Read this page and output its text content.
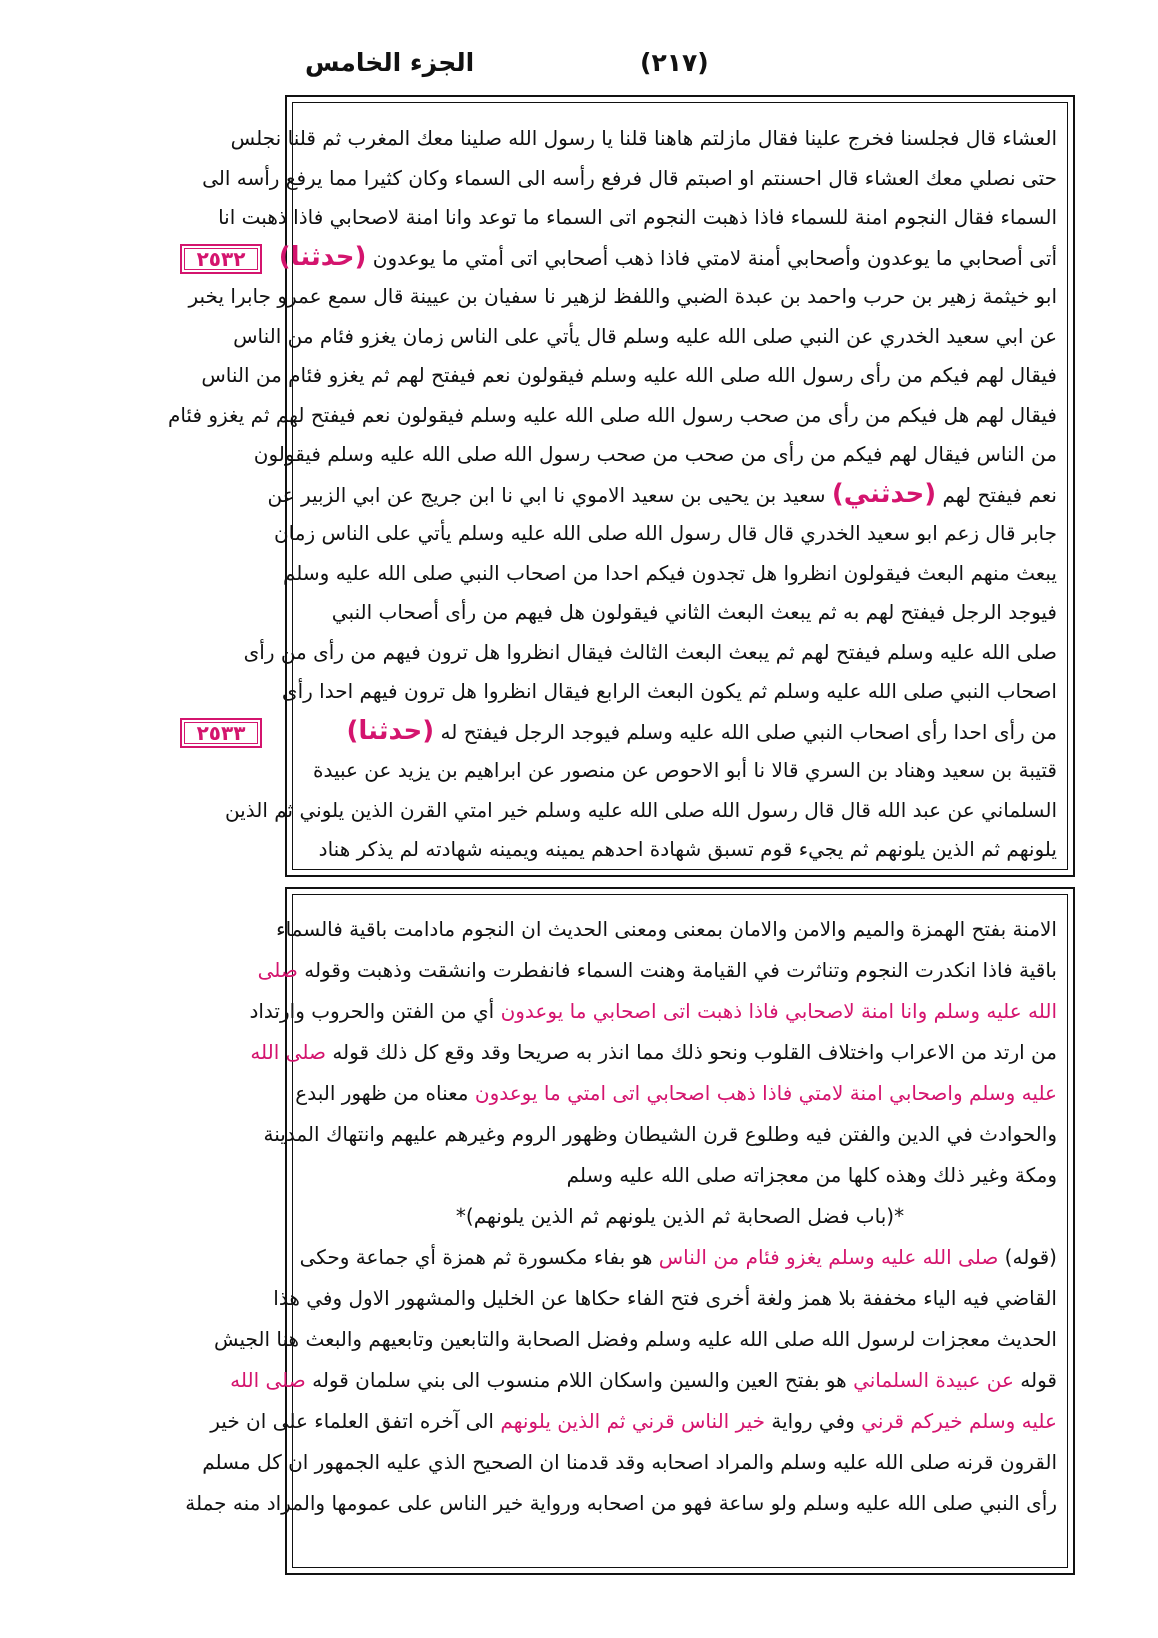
الجزء الخامس	(٢١٧)
٢٥٣٢
٢٥٣٣
العشاء قال فجلسنا فخرج علينا فقال مازلتم هاهنا قلنا يا رسول الله صلينا معك المغرب ثم قلنا نجلس
حتى نصلي معك العشاء قال احسنتم او اصبتم قال فرفع رأسه الى السماء وكان كثيرا مما يرفع رأسه الى
السماء فقال النجوم امنة للسماء فاذا ذهبت النجوم اتى السماء ما توعد وانا امنة لاصحابي فاذا ذهبت انا
أتى أصحابي ما يوعدون وأصحابي أمنة لامتي فاذا ذهب أصحابي اتى أمتي ما يوعدون (حدثنا)
ابو خيثمة زهير بن حرب واحمد بن عبدة الضبي واللفظ لزهير نا سفيان بن عيينة قال سمع عمرو جابرا يخبر
عن ابي سعيد الخدري عن النبي صلى الله عليه وسلم قال يأتي على الناس زمان يغزو فئام من الناس
فيقال لهم فيكم من رأى رسول الله صلى الله عليه وسلم فيقولون نعم فيفتح لهم ثم يغزو فئام من الناس
فيقال لهم هل فيكم من رأى من صحب رسول الله صلى الله عليه وسلم فيقولون نعم فيفتح لهم ثم يغزو فئام
من الناس فيقال لهم فيكم من رأى من صحب من صحب رسول الله صلى الله عليه وسلم فيقولون
نعم فيفتح لهم (حدثني) سعيد بن يحيى بن سعيد الاموي نا ابي نا ابن جريج عن ابي الزبير عن
جابر قال زعم ابو سعيد الخدري قال قال رسول الله صلى الله عليه وسلم يأتي على الناس زمان
يبعث منهم البعث فيقولون انظروا هل تجدون فيكم احدا من اصحاب النبي صلى الله عليه وسلم
فيوجد الرجل فيفتح لهم به ثم يبعث البعث الثاني فيقولون هل فيهم من رأى أصحاب النبي
صلى الله عليه وسلم فيفتح لهم ثم يبعث البعث الثالث فيقال انظروا هل ترون فيهم من رأى من رأى
اصحاب النبي صلى الله عليه وسلم ثم يكون البعث الرابع فيقال انظروا هل ترون فيهم احدا رأى
من رأى احدا رأى اصحاب النبي صلى الله عليه وسلم فيوجد الرجل فيفتح له (حدثنا)
قتيبة بن سعيد وهناد بن السري قالا نا أبو الاحوص عن منصور عن ابراهيم بن يزيد عن عبيدة
السلماني عن عبد الله قال قال رسول الله صلى الله عليه وسلم خير امتي القرن الذين يلوني ثم الذين
يلونهم ثم الذين يلونهم ثم يجيء قوم تسبق شهادة احدهم يمينه ويمينه شهادته لم يذكر هناد
الامنة بفتح الهمزة والميم والامن والامان بمعنى ومعنى الحديث ان النجوم مادامت باقية فالسماء
باقية فاذا انكدرت النجوم وتناثرت في القيامة وهنت السماء فانفطرت وانشقت وذهبت وقوله صلى
الله عليه وسلم وانا امنة لاصحابي فاذا ذهبت اتى اصحابي ما يوعدون أي من الفتن والحروب وارتداد
من ارتد من الاعراب واختلاف القلوب ونحو ذلك مما انذر به صريحا وقد وقع كل ذلك قوله صلى الله
عليه وسلم واصحابي امنة لامتي فاذا ذهب اصحابي اتى امتي ما يوعدون معناه من ظهور البدع
والحوادث في الدين والفتن فيه وطلوع قرن الشيطان وظهور الروم وغيرهم عليهم وانتهاك المدينة
ومكة وغير ذلك وهذه كلها من معجزاته صلى الله عليه وسلم
*(باب فضل الصحابة ثم الذين يلونهم ثم الذين يلونهم)*
(قوله) صلى الله عليه وسلم يغزو فئام من الناس هو بفاء مكسورة ثم همزة أي جماعة وحكى
القاضي فيه الياء مخففة بلا همز ولغة أخرى فتح الفاء حكاها عن الخليل والمشهور الاول وفي هذا
الحديث معجزات لرسول الله صلى الله عليه وسلم وفضل الصحابة والتابعين وتابعيهم والبعث هنا الجيش
قوله عن عبيدة السلماني هو بفتح العين والسين واسكان اللام منسوب الى بني سلمان قوله صلى الله
عليه وسلم خيركم قرني وفي رواية خير الناس قرني ثم الذين يلونهم الى آخره اتفق العلماء على ان خير
القرون قرنه صلى الله عليه وسلم والمراد اصحابه وقد قدمنا ان الصحيح الذي عليه الجمهور ان كل مسلم
رأى النبي صلى الله عليه وسلم ولو ساعة فهو من اصحابه ورواية خير الناس على عمومها والمراد منه جملة
